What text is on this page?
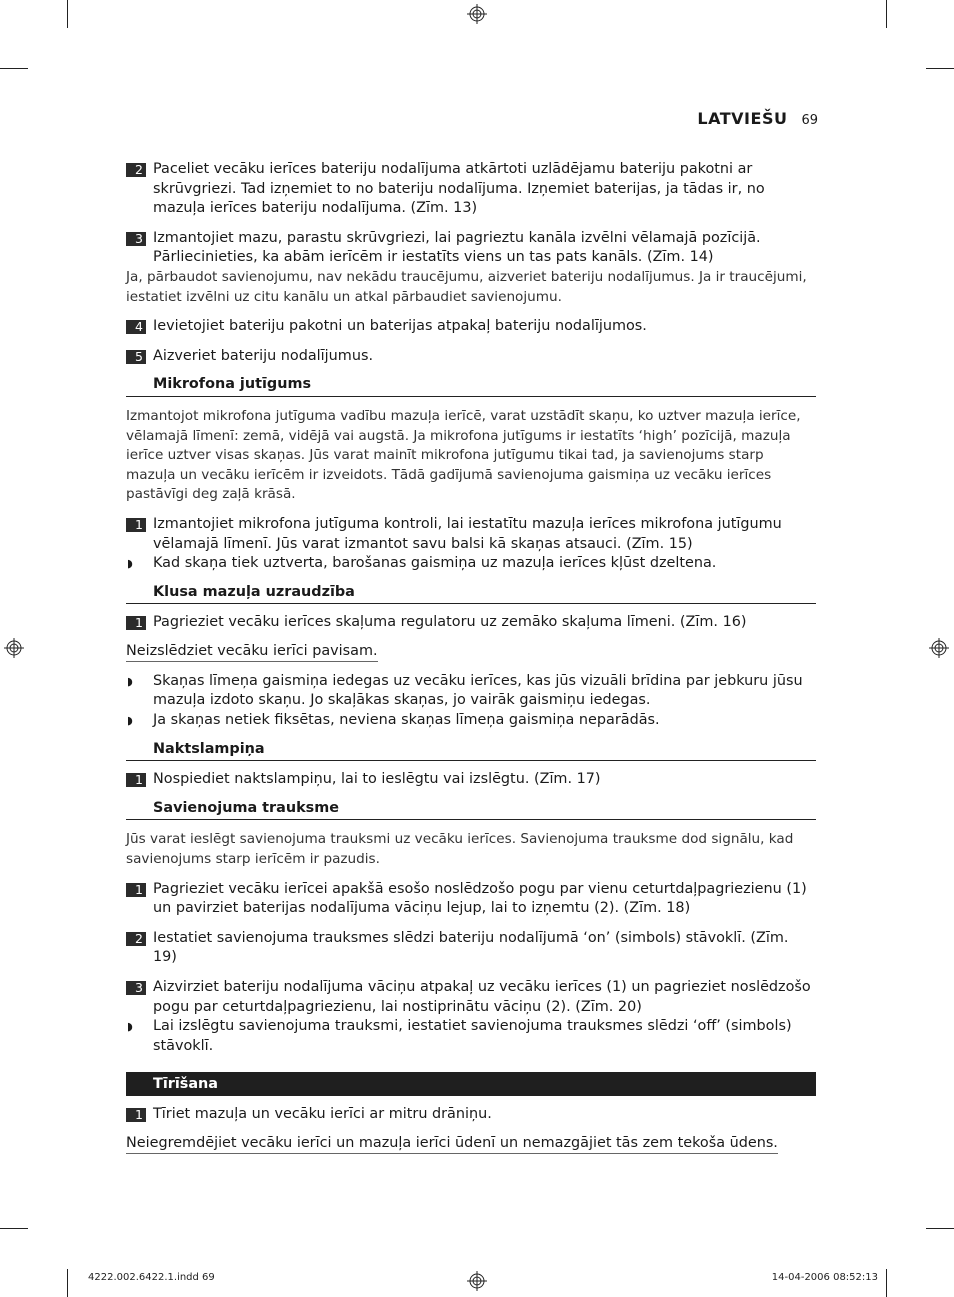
LATVIEŠU 69
2 Paceliet vecāku ierīces bateriju nodalījuma atkārtoti uzlādējamu bateriju pakotni ar skrūvgriezi. Tad izņemiet to no bateriju nodalījuma. Izņemiet baterijas, ja tādas ir, no mazuļa ierīces bateriju nodalījuma. (Zīm. 13)
3 Izmantojiet mazu, parastu skrūvgriezi, lai pagrieztu kanāla izvēlni vēlamajā pozīcijā. Pārliecinieties, ka abām ierīcēm ir iestatīts viens un tas pats kanāls. (Zīm. 14)
Ja, pārbaudot savienojumu, nav nekādu traucējumu, aizveriet bateriju nodalījumus. Ja ir traucējumi, iestatiet izvēlni uz citu kanālu un atkal pārbaudiet savienojumu.
4 Ievietojiet bateriju pakotni un baterijas atpakaļ bateriju nodalījumos.
5 Aizveriet bateriju nodalījumus.
Mikrofona jutīgums
Izmantojot mikrofona jutīguma vadību mazuļa ierīcē, varat uzstādīt skaņu, ko uztver mazuļa ierīce, vēlamajā līmenī: zemā, vidējā vai augstā. Ja mikrofona jutīgums ir iestatīts ‘high’ pozīcijā, mazuļa ierīce uztver visas skaņas. Jūs varat mainīt mikrofona jutīgumu tikai tad, ja savienojums starp mazuļa un vecāku ierīcēm ir izveidots. Tādā gadījumā savienojuma gaismiņa uz vecāku ierīces pastāvīgi deg zaļā krāsā.
1 Izmantojiet mikrofona jutīguma kontroli, lai iestatītu mazuļa ierīces mikrofona jutīgumu vēlamajā līmenī. Jūs varat izmantot savu balsi kā skaņas atsauci. (Zīm. 15)
◗	Kad skaņa tiek uztverta, barošanas gaismiņa uz mazuļa ierīces kļūst dzeltena.
Klusa mazuļa uzraudzība
1 Pagrieziet vecāku ierīces skaļuma regulatoru uz zemāko skaļuma līmeni. (Zīm. 16)
Neizslēdziet vecāku ierīci pavisam.
◗	Skaņas līmeņa gaismiņa iedegas uz vecāku ierīces, kas jūs vizuāli brīdina par jebkuru jūsu mazuļa izdoto skaņu. Jo skaļākas skaņas, jo vairāk gaismiņu iedegas.
◗	Ja skaņas netiek fiksētas, neviena skaņas līmeņa gaismiņa neparādās.
Naktslampiņa
1 Nospiediet naktslampiņu, lai to ieslēgtu vai izslēgtu. (Zīm. 17)
Savienojuma trauksme
Jūs varat ieslēgt savienojuma trauksmi uz vecāku ierīces. Savienojuma trauksme dod signālu, kad savienojums starp ierīcēm ir pazudis.
1 Pagrieziet vecāku ierīcei apakšā esošo noslēdzošo pogu par vienu ceturtdaļpagriezienu (1) un pavirziet baterijas nodalījuma vāciņu lejup, lai to izņemtu (2). (Zīm. 18)
2 Iestatiet savienojuma trauksmes slēdzi bateriju nodalījumā ‘on’ (simbols) stāvoklī. (Zīm. 19)
3 Aizvirziet bateriju nodalījuma vāciņu atpakaļ uz vecāku ierīces (1) un pagrieziet noslēdzošo pogu par ceturtdaļpagriezienu, lai nostiprinātu vāciņu (2). (Zīm. 20)
◗	Lai izslēgtu savienojuma trauksmi, iestatiet savienojuma trauksmes slēdzi ‘off’ (simbols) stāvoklī.
Tīrīšana
1 Tīriet mazuļa un vecāku ierīci ar mitru drāniņu.
Neiegremdējiet vecāku ierīci un mazuļa ierīci ūdenī un nemazgājiet tās zem tekoša ūdens.
4222.002.6422.1.indd 69	14-04-2006 08:52:13
